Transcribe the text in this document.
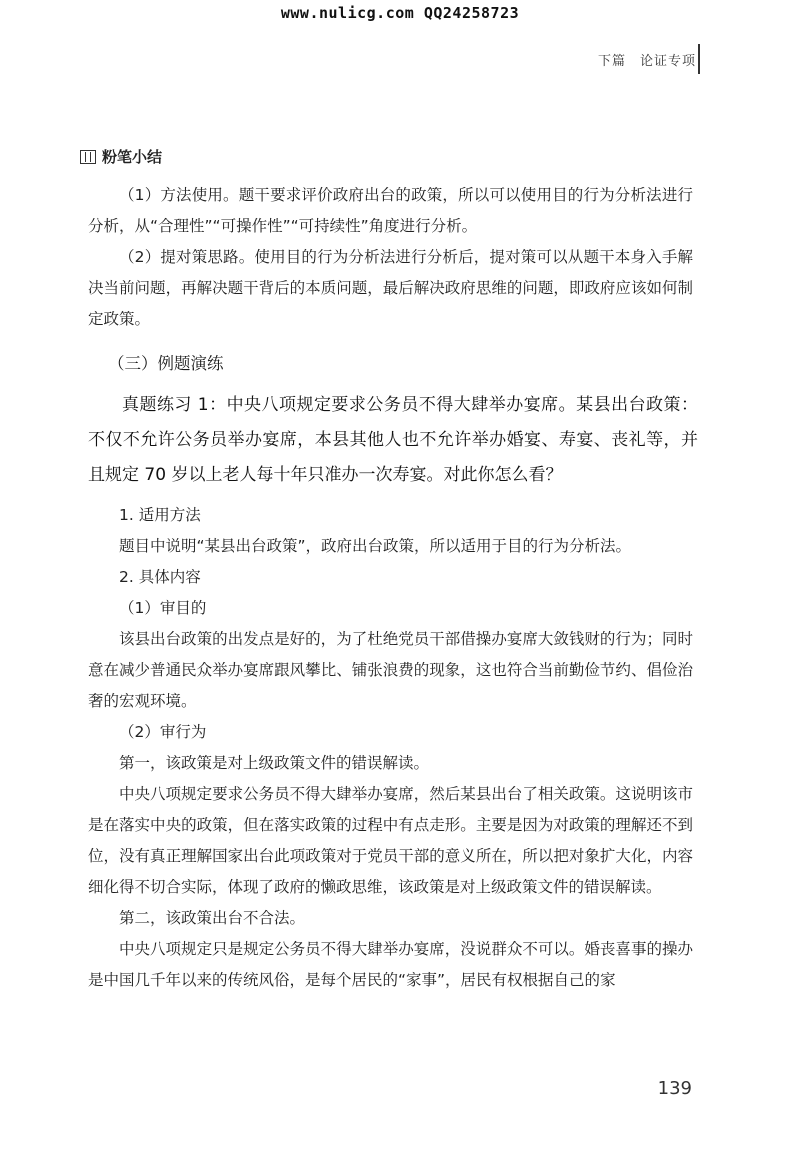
www.nulicg.com QQ24258723
下篇　论证专项
粉笔小结

（1）方法使用。题干要求评价政府出台的政策，所以可以使用目的行为分析法进行分析，从“合理性”“可操作性”“可持续性”角度进行分析。

（2）提对策思路。使用目的行为分析法进行分析后，提对策可以从题干本身入手解决当前问题，再解决题干背后的本质问题，最后解决政府思维的问题，即政府应该如何制定政策。

（三）例题演练

真题练习 1：中央八项规定要求公务员不得大肆举办宴席。某县出台政策：不仅不允许公务员举办宴席，本县其他人也不允许举办婚宴、寿宴、丧礼等，并且规定 70 岁以上老人每十年只准办一次寿宴。对此你怎么看？

1. 适用方法

题目中说明“某县出台政策”，政府出台政策，所以适用于目的行为分析法。

2. 具体内容

（1）审目的

该县出台政策的出发点是好的，为了杜绝党员干部借操办宴席大敛钱财的行为；同时意在减少普通民众举办宴席跟风攀比、铺张浪费的现象，这也符合当前勤俭节约、倡俭治奢的宏观环境。

（2）审行为

第一，该政策是对上级政策文件的错误解读。

中央八项规定要求公务员不得大肆举办宴席，然后某县出台了相关政策。这说明该市是在落实中央的政策，但在落实政策的过程中有点走形。主要是因为对政策的理解还不到位，没有真正理解国家出台此项政策对于党员干部的意义所在，所以把对象扩大化，内容细化得不切合实际，体现了政府的懒政思维，该政策是对上级政策文件的错误解读。

第二，该政策出台不合法。

中央八项规定只是规定公务员不得大肆举办宴席，没说群众不可以。婚丧喜事的操办是中国几千年以来的传统风俗，是每个居民的“家事”，居民有权根据自己的家

139
